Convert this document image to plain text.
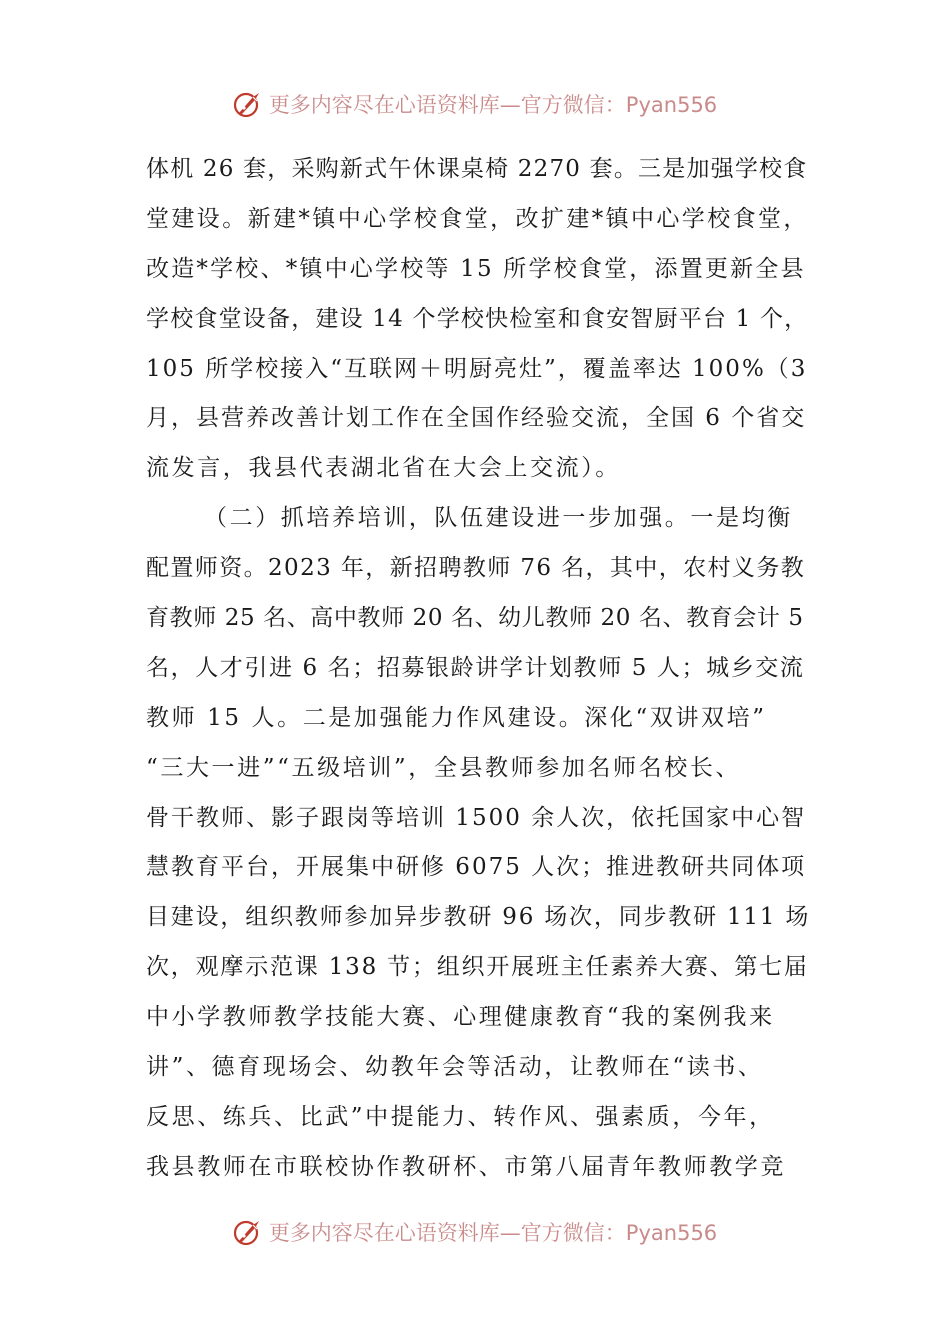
更多内容尽在心语资料库—官方微信：Pyan556
体机 26 套，采购新式午休课桌椅 2270 套。三是加强学校食
堂建设。新建*镇中心学校食堂，改扩建*镇中心学校食堂，
改造*学校、*镇中心学校等 15 所学校食堂，添置更新全县
学校食堂设备，建设 14 个学校快检室和食安智厨平台 1 个，
105 所学校接入“互联网＋明厨亮灶”，覆盖率达 100%（3
月，县营养改善计划工作在全国作经验交流，全国 6 个省交
流发言，我县代表湖北省在大会上交流）。
（二）抓培养培训，队伍建设进一步加强。一是均衡
配置师资。2023 年，新招聘教师 76 名，其中，农村义务教
育教师 25 名、高中教师 20 名、幼儿教师 20 名、教育会计 5
名，人才引进 6 名；招募银龄讲学计划教师 5 人；城乡交流
教师 15 人。二是加强能力作风建设。深化“双讲双培”
“三大一进”“五级培训”，全县教师参加名师名校长、
骨干教师、影子跟岗等培训 1500 余人次，依托国家中心智
慧教育平台，开展集中研修 6075 人次；推进教研共同体项
目建设，组织教师参加异步教研 96 场次，同步教研 111 场
次，观摩示范课 138 节；组织开展班主任素养大赛、第七届
中小学教师教学技能大赛、心理健康教育“我的案例我来
讲”、德育现场会、幼教年会等活动，让教师在“读书、
反思、练兵、比武”中提能力、转作风、强素质，今年，
我县教师在市联校协作教研杯、市第八届青年教师教学竞
更多内容尽在心语资料库—官方微信：Pyan556
